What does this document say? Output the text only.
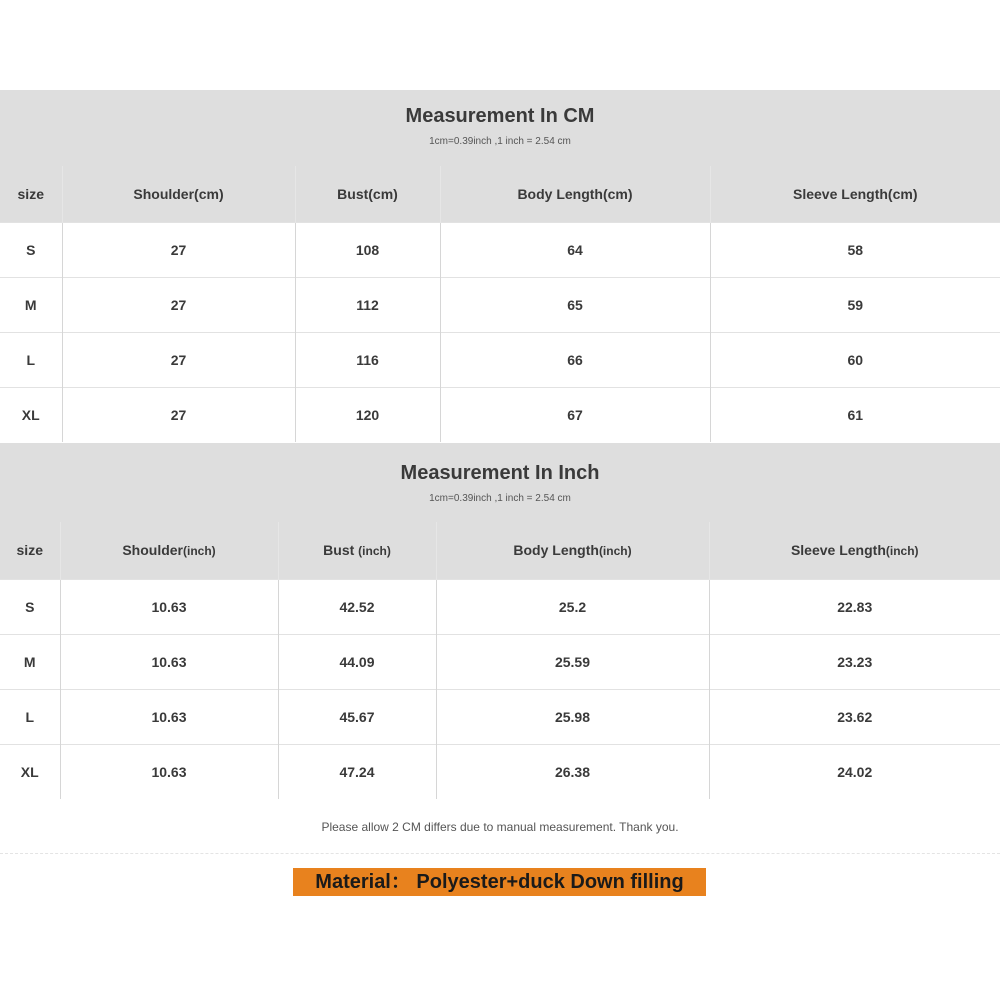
Measurement In CM
1cm=0.39inch ,1 inch = 2.54 cm
size	Shoulder(cm)	Bust(cm)	Body Length(cm)	Sleeve Length(cm)
S	27	108	64	58
M	27	112	65	59
L	27	116	66	60
XL	27	120	67	61
Measurement In Inch
1cm=0.39inch ,1 inch = 2.54 cm
size	Shoulder(inch)	Bust (inch)	Body Length(inch)	Sleeve Length(inch)
S	10.63	42.52	25.2	22.83
M	10.63	44.09	25.59	23.23
L	10.63	45.67	25.98	23.62
XL	10.63	47.24	26.38	24.02
Please allow 2 CM differs due to manual measurement. Thank you.
Material： Polyester+duck Down filling
